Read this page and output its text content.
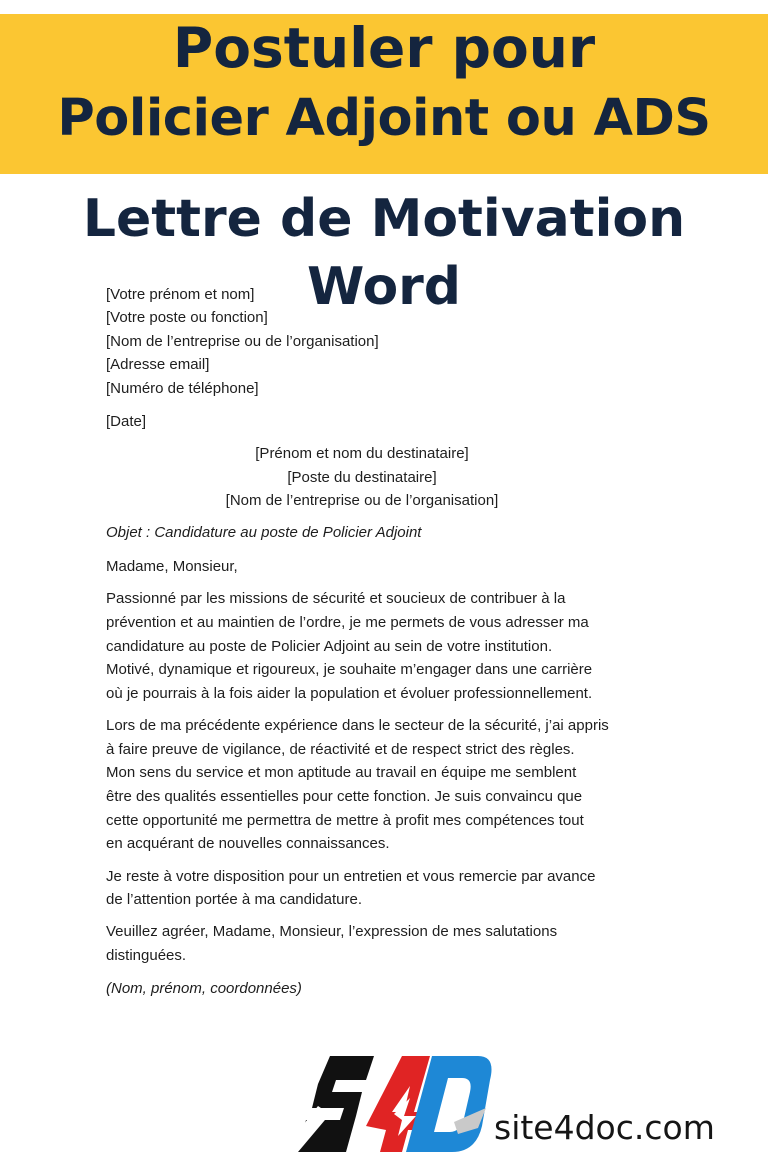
Postuler pour
Policier Adjoint ou ADS
Lettre de Motivation
[Votre prénom et nom]
[Votre poste ou fonction]
[Nom de l’entreprise ou de l’organisation]
[Adresse email]
[Numéro de téléphone]
[Date]
[Prénom et nom du destinataire]
[Poste du destinataire]
[Nom de l’entreprise ou de l’organisation]
Objet : Candidature au poste de Policier Adjoint
Madame, Monsieur,
Passionné par les missions de sécurité et soucieux de contribuer à la
prévention et au maintien de l’ordre, je me permets de vous adresser ma
candidature au poste de Policier Adjoint au sein de votre institution.
Motivé, dynamique et rigoureux, je souhaite m’engager dans une carrière
où je pourrais à la fois aider la population et évoluer professionnellement.
Lors de ma précédente expérience dans le secteur de la sécurité, j’ai appris
à faire preuve de vigilance, de réactivité et de respect strict des règles.
Mon sens du service et mon aptitude au travail en équipe me semblent
être des qualités essentielles pour cette fonction. Je suis convaincu que
cette opportunité me permettra de mettre à profit mes compétences tout
en acquérant de nouvelles connaissances.
Je reste à votre disposition pour un entretien et vous remercie par avance
de l’attention portée à ma candidature.
Veuillez agréer, Madame, Monsieur, l’expression de mes salutations
distinguées.
(Nom, prénom, coordonnées)
Word
site4doc.com
